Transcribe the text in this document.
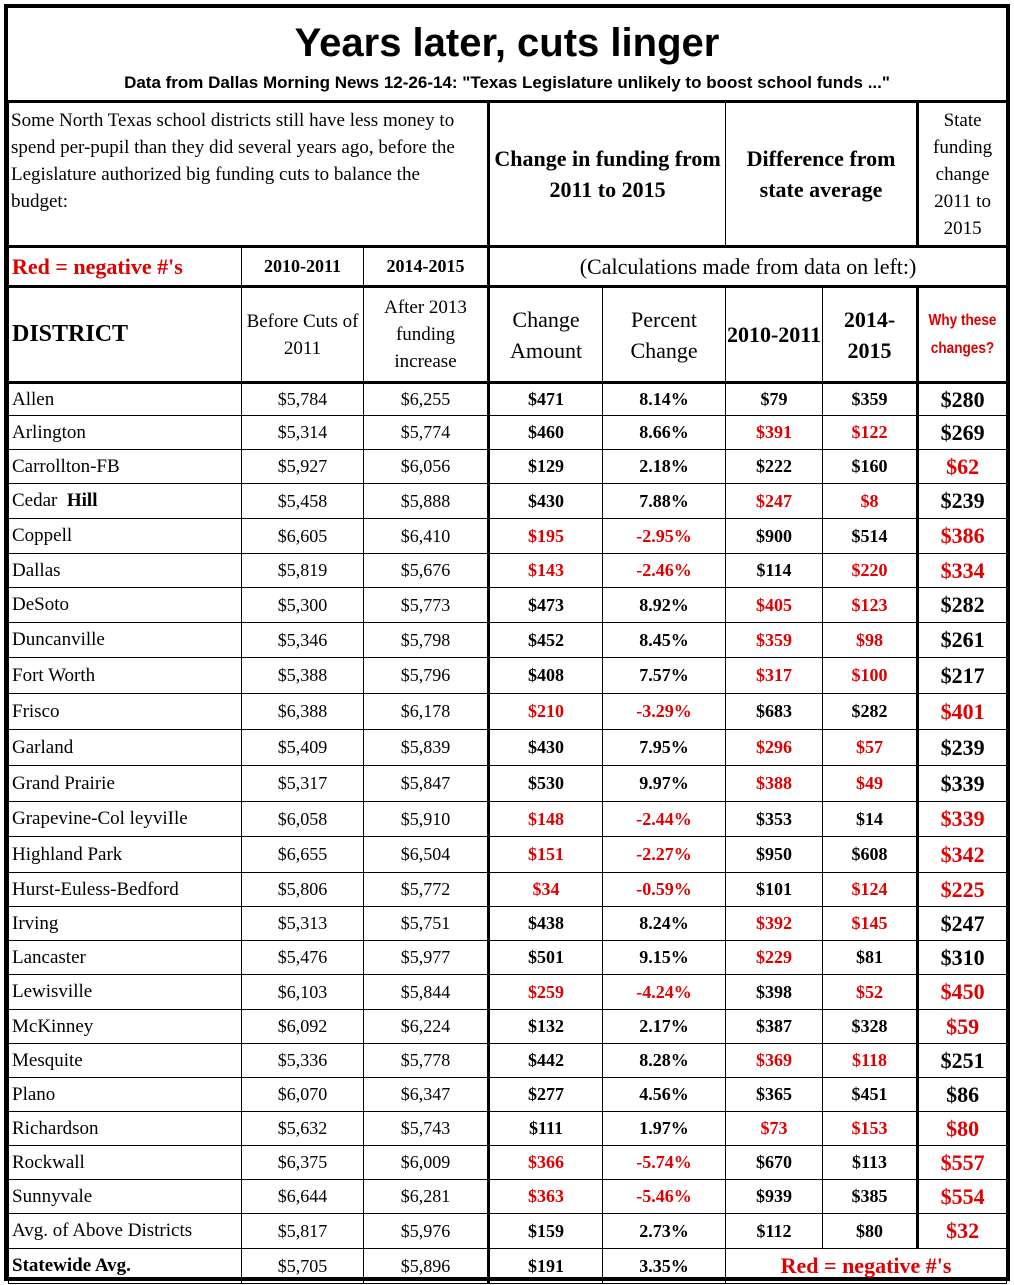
Years later, cuts linger
Data from Dallas Morning News 12-26-14: "Texas Legislature unlikely to boost school funds ..."
Some North Texas school districts still have less money to spend per-pupil than they did several years ago, before the Legislature authorized big funding cuts to balance the budget:			Change in funding from 2011 to 2015		Difference from state average		State funding change 2011 to 2015
Red = negative #'s	2010-2011	2014-2015	(Calculations made from data on left:)				
DISTRICT	Before Cuts of 2011	After 2013 funding increase	Change Amount	Percent Change	2010-2011	2014-2015	Why these changes?
Allen	$5,784	$6,255	$471	8.14%	$79	$359	$280
Arlington	$5,314	$5,774	$460	8.66%	$391	$122	$269
Carrollton-FB	$5,927	$6,056	$129	2.18%	$222	$160	$62
Cedar Hill	$5,458	$5,888	$430	7.88%	$247	$8	$239
Coppell	$6,605	$6,410	$195	-2.95%	$900	$514	$386
Dallas	$5,819	$5,676	$143	-2.46%	$114	$220	$334
DeSoto	$5,300	$5,773	$473	8.92%	$405	$123	$282
Duncanville	$5,346	$5,798	$452	8.45%	$359	$98	$261
Fort Worth	$5,388	$5,796	$408	7.57%	$317	$100	$217
Frisco	$6,388	$6,178	$210	-3.29%	$683	$282	$401
Garland	$5,409	$5,839	$430	7.95%	$296	$57	$239
Grand Prairie	$5,317	$5,847	$530	9.97%	$388	$49	$339
Grapevine-Col leyviIle	$6,058	$5,910	$148	-2.44%	$353	$14	$339
Highland Park	$6,655	$6,504	$151	-2.27%	$950	$608	$342
Hurst-Euless-Bedford	$5,806	$5,772	$34	-0.59%	$101	$124	$225
Irving	$5,313	$5,751	$438	8.24%	$392	$145	$247
Lancaster	$5,476	$5,977	$501	9.15%	$229	$81	$310
Lewisville	$6,103	$5,844	$259	-4.24%	$398	$52	$450
McKinney	$6,092	$6,224	$132	2.17%	$387	$328	$59
Mesquite	$5,336	$5,778	$442	8.28%	$369	$118	$251
Plano	$6,070	$6,347	$277	4.56%	$365	$451	$86
Richardson	$5,632	$5,743	$111	1.97%	$73	$153	$80
Rockwall	$6,375	$6,009	$366	-5.74%	$670	$113	$557
Sunnyvale	$6,644	$6,281	$363	-5.46%	$939	$385	$554
Avg. of Above Districts	$5,817	$5,976	$159	2.73%	$112	$80	$32
Statewide Avg.	$5,705	$5,896	$191	3.35%	Red = negative #'s		
